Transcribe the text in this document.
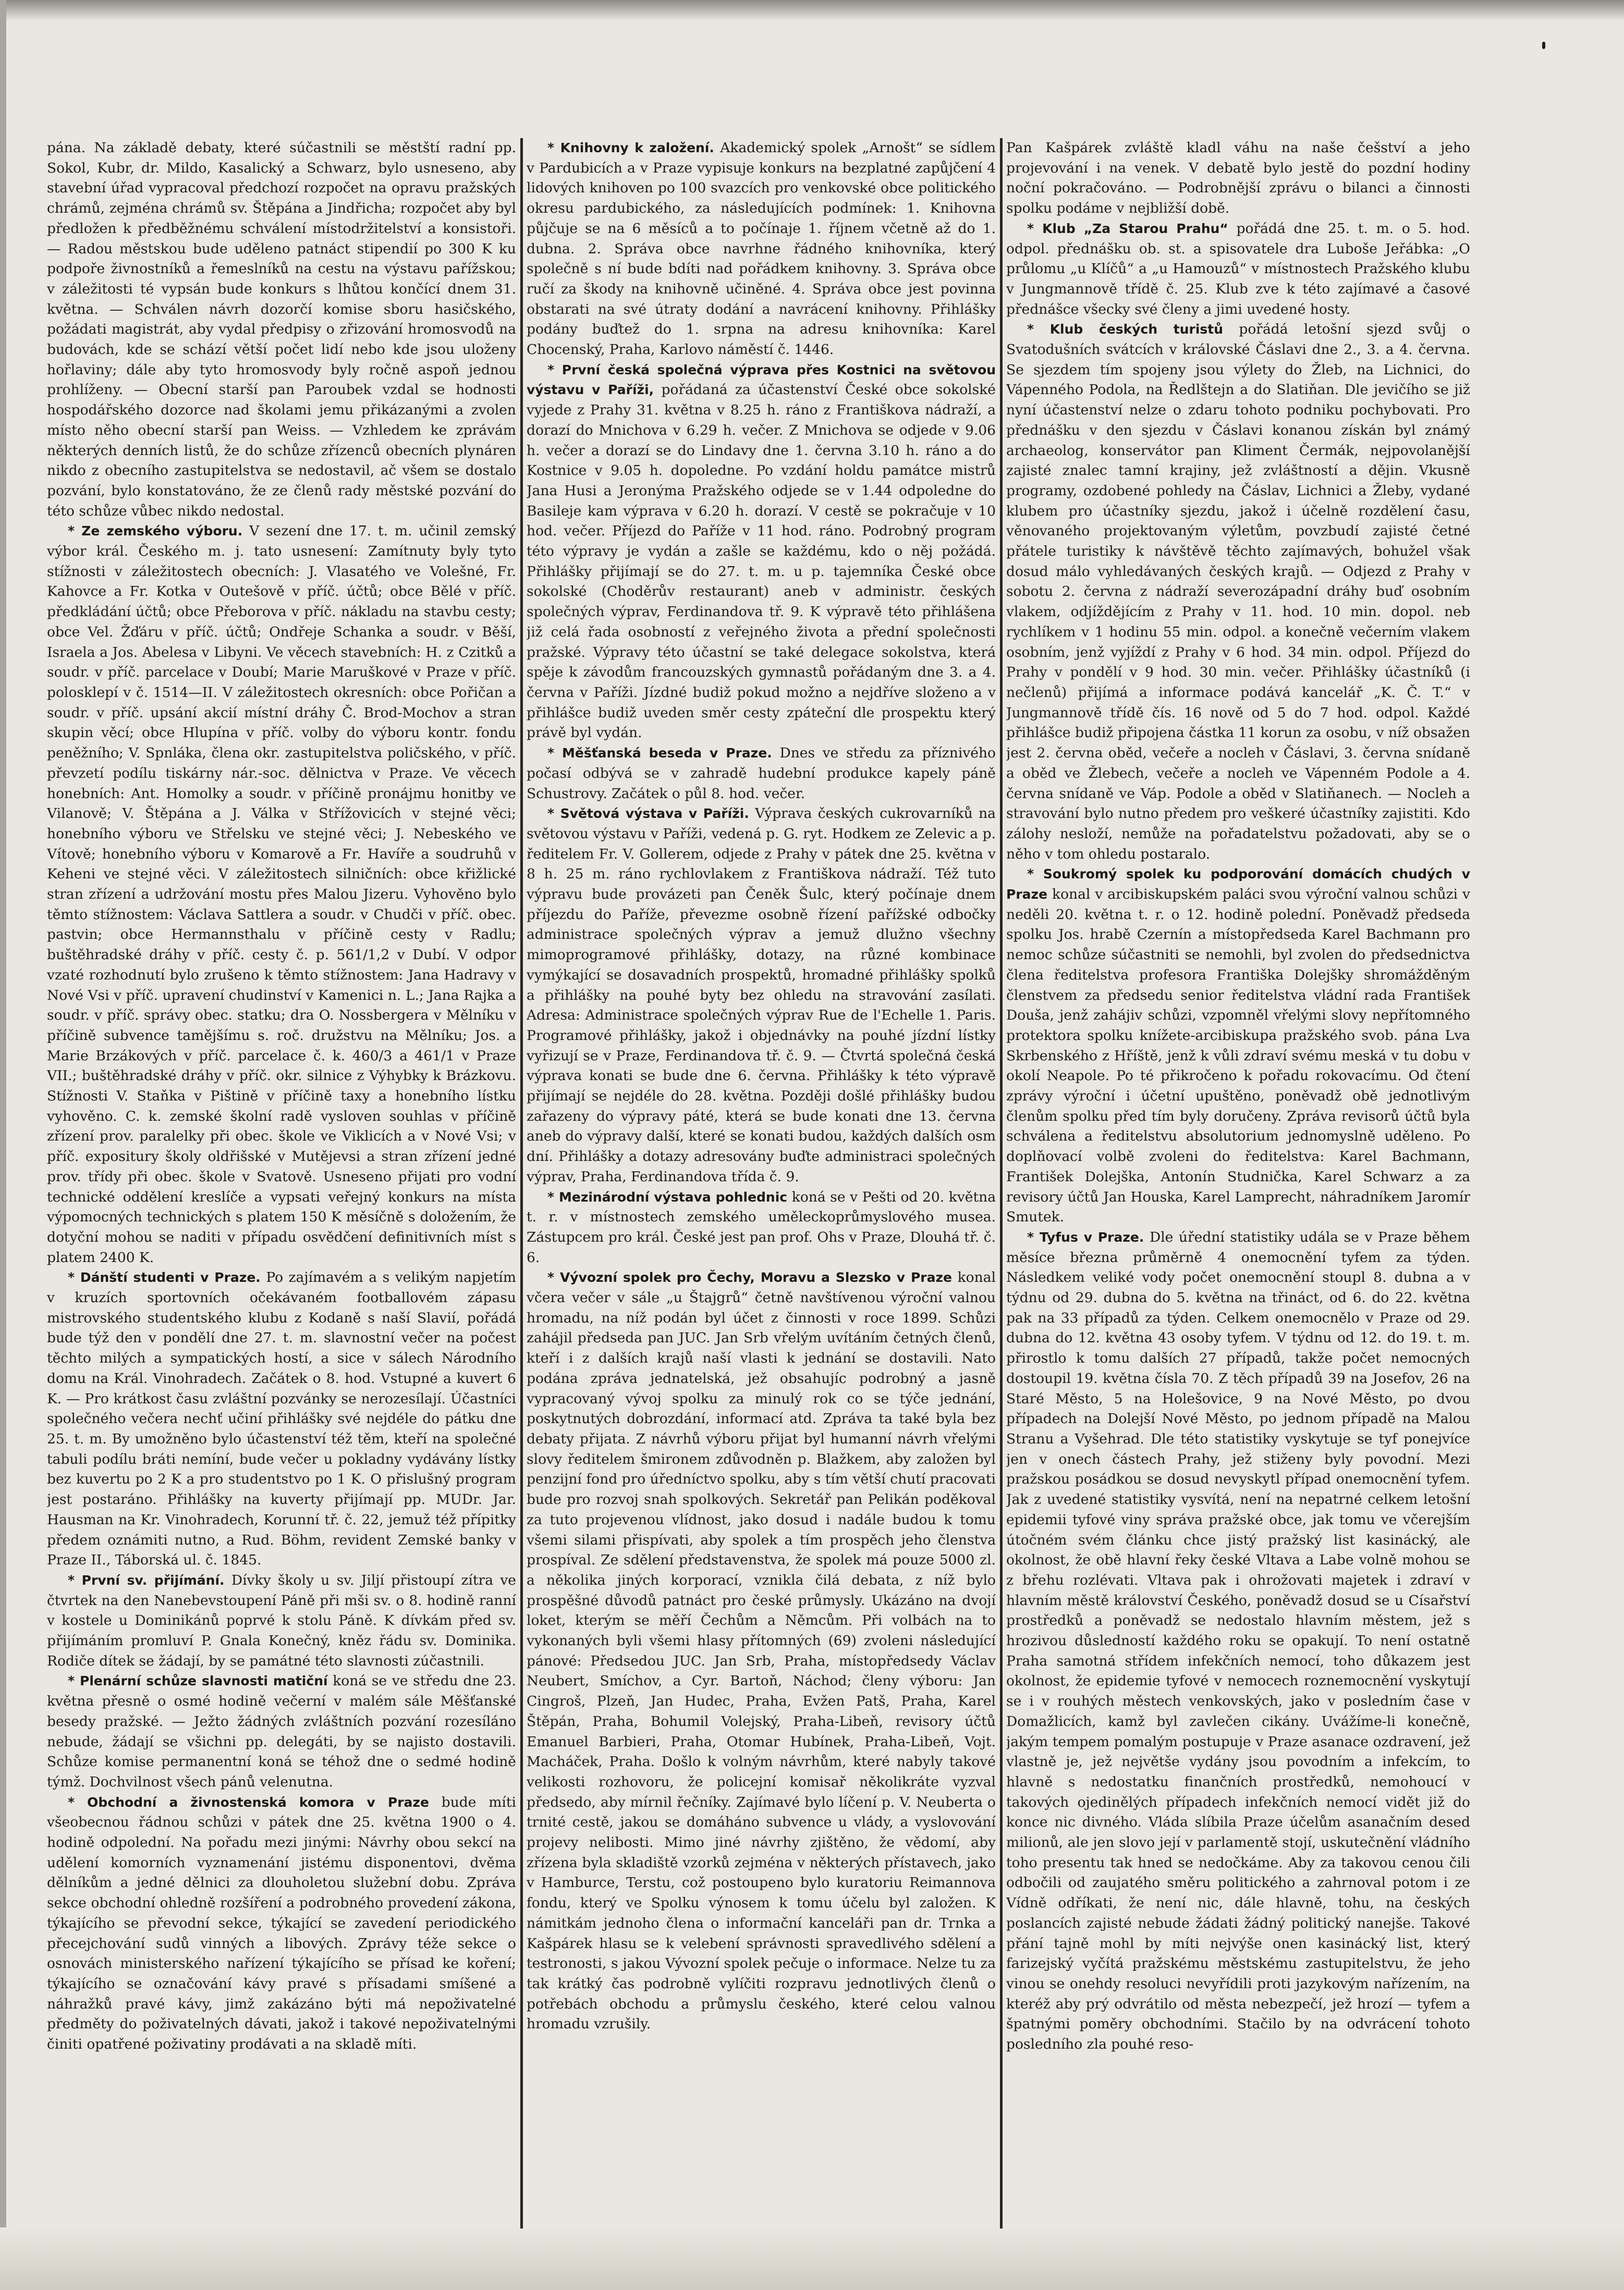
pána. Na základě debaty, které súčastnili se městští radní pp. Sokol, Kubr, dr. Mildo, Kasalický a Schwarz, bylo usneseno, aby stavební úřad vypracoval předchozí rozpočet na opravu pražských chrámů, zejména chrámů sv. Štěpána a Jindřicha; rozpočet aby byl předložen k předběžnému schválení místodržitelství a konsistoři. — Radou městskou bude uděleno patnáct stipendií po 300 K ku podpoře živnostníků a řemeslníků na cestu na výstavu pařížskou; v záležitosti té vypsán bude konkurs s lhůtou končící dnem 31. května. — Schválen návrh dozorčí komise sboru hasičského, požádati magistrát, aby vydal předpisy o zřizování hromosvodů na budovách, kde se schází větší počet lidí nebo kde jsou uloženy hořlaviny; dále aby tyto hromosvody byly ročně aspoň jednou prohlíženy. — Obecní starší pan Paroubek vzdal se hodnosti hospodářského dozorce nad školami jemu přikázanými a zvolen místo něho obecní starší pan Weiss. — Vzhledem ke zprávám některých denních listů, že do schůze zřízenců obecních plynáren nikdo z obecního zastupitelstva se nedostavil, ač všem se dostalo pozvání, bylo konstatováno, že ze členů rady městské pozvání do této schůze vůbec nikdo nedostal.

* Ze zemského výboru. V sezení dne 17. t. m. učinil zemský výbor král. Českého m. j. tato usnesení: Zamítnuty byly tyto stížnosti v záležitostech obecních: J. Vlasatého ve Volešné, Fr. Kahovce a Fr. Kotka v Outešově v příč. účtů; obce Bělé v příč. předkládání účtů; obce Přeborova v příč. nákladu na stavbu cesty; obce Vel. Žďáru v příč. účtů; Ondřeje Schanka a soudr. v Běší, Israela a Jos. Abelesa v Libyni. Ve věcech stavebních: H. z Czitků a soudr. v příč. parcelace v Doubí; Marie Maruškové v Praze v příč. polosklepí v č. 1514—II. V záležitostech okresních: obce Pořičan a soudr. v příč. upsání akcií místní dráhy Č. Brod-Mochov a stran skupin věcí; obce Hlupína v příč. volby do výboru kontr. fondu peněžního; V. Spnláka, člena okr. zastupitelstva poličského, v příč. převzetí podílu tiskárny nár.-soc. dělnictva v Praze. Ve věcech honebních: Ant. Homolky a soudr. v příčině pronájmu honitby ve Vilanově; V. Štěpána a J. Válka v Střížovicích v stejné věci; honebního výboru ve Střelsku ve stejné věci; J. Nebeského ve Vítově; honebního výboru v Komarově a Fr. Havíře a soudruhů v Keheni ve stejné věci. V záležitostech silničních: obce křižlické stran zřízení a udržování mostu přes Malou Jizeru. Vyhověno bylo těmto stížnostem: Václava Sattlera a soudr. v Chudči v příč. obec. pastvin; obce Hermannsthalu v příčině cesty v Radlu; buštěhradské dráhy v příč. cesty č. p. 561/1,2 v Dubí. V odpor vzaté rozhodnutí bylo zrušeno k těmto stížnostem: Jana Hadravy v Nové Vsi v příč. upravení chudinství v Kamenici n. L.; Jana Rajka a soudr. v příč. správy obec. statku; dra O. Nossbergera v Mělníku v příčině subvence tamějšímu s. roč. družstvu na Mělníku; Jos. a Marie Brzákových v příč. parcelace č. k. 460/3 a 461/1 v Praze VII.; buštěhradské dráhy v příč. okr. silnice z Výhybky k Brázkovu. Stížnosti V. Staňka v Pištině v příčině taxy a honebního lístku vyhověno. C. k. zemské školní radě vysloven souhlas v příčině zřízení prov. paralelky při obec. škole ve Viklicích a v Nové Vsi; v příč. expositury školy oldřišské v Mutějevsi a stran zřízení jedné prov. třídy při obec. škole v Svatově. Usneseno přijati pro vodní technické oddělení kreslíče a vypsati veřejný konkurs na místa výpomocných technických s platem 150 K měsíčně s doložením, že dotyční mohou se naditi v případu osvědčení definitivních míst s platem 2400 K.

* Dánští studenti v Praze. Po zajímavém a s velikým napjetím v kruzích sportovních očekávaném footballovém zápasu mistrovského studentského klubu z Kodaně s naší Slavií, pořádá bude týž den v pondělí dne 27. t. m. slavnostní večer na počest těchto milých a sympatických hostí, a sice v sálech Národního domu na Král. Vinohradech. Začátek o 8. hod. Vstupné a kuvert 6 K. — Pro krátkost času zvláštní pozvánky se nerozesílají. Účastníci společného večera nechť učiní přihlášky své nejdéle do pátku dne 25. t. m. By umožněno bylo účastenství též těm, kteří na společné tabuli podílu bráti nemíní, bude večer u pokladny vydávány lístky bez kuvertu po 2 K a pro studentstvo po 1 K. O přislušný program jest postaráno. Přihlášky na kuverty přijímají pp. MUDr. Jar. Hausman na Kr. Vinohradech, Korunní tř. č. 22, jemuž též přípitky předem oznámiti nutno, a Rud. Böhm, revident Zemské banky v Praze II., Táborská ul. č. 1845.

* První sv. přijímání. Dívky školy u sv. Jiljí přistoupí zítra ve čtvrtek na den Nanebevstoupení Páně při mši sv. o 8. hodině ranní v kostele u Dominikánů poprvé k stolu Páně. K dívkám před sv. přijímáním promluví P. Gnala Konečný, kněz řádu sv. Dominika. Rodiče dítek se žádají, by se památné této slavnosti zúčastnili.

* Plenární schůze slavnosti matiční koná se ve středu dne 23. května přesně o osmé hodině večerní v malém sále Měšťanské besedy pražské. — Ježto žádných zvláštních pozvání rozesíláno nebude, žádají se všichni pp. delegáti, by se najisto dostavili. Schůze komise permanentní koná se téhož dne o sedmé hodině týmž. Dochvilnost všech pánů velenutna.

* Obchodní a živnostenská komora v Praze bude míti všeobecnou řádnou schůzi v pátek dne 25. května 1900 o 4. hodině odpolední. Na pořadu mezi jinými: Návrhy obou sekcí na udělení komorních vyznamenání jistému disponentovi, dvěma dělníkům a jedné dělnici za dlouholetou služební dobu. Zpráva sekce obchodní ohledně rozšíření a podrobného provedení zákona, týkajícího se převodní sekce, týkající se zavedení periodického přecejchování sudů vinných a libových. Zprávy téže sekce o osnovách ministerského nařízení týkajícího se přísad ke koření; týkajícího se označování kávy pravé s přísadami smíšené a náhražků pravé kávy, jimž zakázáno býti má nepoživatelné předměty do poživatelných dávati, jakož i takové nepoživatelnými činiti opatřené poživatiny prodávati a na skladě míti.

* Knihovny k založení. Akademický spolek „Arnošt“ se sídlem v Pardubicích a v Praze vypisuje konkurs na bezplatné zapůjčení 4 lidových knihoven po 100 svazcích pro venkovské obce politického okresu pardubického, za následujících podmínek: 1. Knihovna půjčuje se na 6 měsíců a to počínaje 1. říjnem včetně až do 1. dubna. 2. Správa obce navrhne řádného knihovníka, který společně s ní bude bdíti nad pořádkem knihovny. 3. Správa obce ručí za škody na knihovně učiněné. 4. Správa obce jest povinna obstarati na své útraty dodání a navrácení knihovny. Přihlášky podány buďtež do 1. srpna na adresu knihovníka: Karel Chocenský, Praha, Karlovo náměstí č. 1446.

* První česká společná výprava přes Kostnici na světovou výstavu v Paříži, pořádaná za účastenství České obce sokolské vyjede z Prahy 31. května v 8.25 h. ráno z Františkova nádraží, a dorazí do Mnichova v 6.29 h. večer. Z Mnichova se odjede v 9.06 h. večer a dorazí se do Lindavy dne 1. června 3.10 h. ráno a do Kostnice v 9.05 h. dopoledne. Po vzdání holdu památce mistrů Jana Husi a Jeronýma Pražského odjede se v 1.44 odpoledne do Basileje kam výprava v 6.20 h. dorazí. V cestě se pokračuje v 10 hod. večer. Příjezd do Paříže v 11 hod. ráno. Podrobný program této výpravy je vydán a zašle se každému, kdo o něj požádá. Přihlášky přijímají se do 27. t. m. u p. tajemníka České obce sokolské (Choděrův restaurant) aneb v administr. českých společných výprav, Ferdinandova tř. 9. K výpravě této přihlášena již celá řada osobností z veřejného života a přední společnosti pražské. Výpravy této účastní se také delegace sokolstva, která spěje k závodům francouzských gymnastů pořádaným dne 3. a 4. června v Paříži. Jízdné budiž pokud možno a nejdříve složeno a v přihlášce budiž uveden směr cesty zpáteční dle prospektu který právě byl vydán.

* Měšťanská beseda v Praze. Dnes ve středu za příznivého počasí odbývá se v zahradě hudební produkce kapely páně Schustrovy. Začátek o půl 8. hod. večer.

* Světová výstava v Paříži. Výprava českých cukrovarníků na světovou výstavu v Paříži, vedená p. G. ryt. Hodkem ze Zelevic a p. ředitelem Fr. V. Gollerem, odjede z Prahy v pátek dne 25. května v 8 h. 25 m. ráno rychlovlakem z Františkova nádraží. Též tuto výpravu bude provázeti pan Čeněk Šulc, který počínaje dnem příjezdu do Paříže, převezme osobně řízení pařížské odbočky administrace společných výprav a jemuž dlužno všechny mimoprogramové přihlášky, dotazy, na různé kombinace vymýkající se dosavadních prospektů, hromadné přihlášky spolků a přihlášky na pouhé byty bez ohledu na stravování zasílati. Adresa: Administrace společných výprav Rue de l'Echelle 1. Paris. Programové přihlášky, jakož i objednávky na pouhé jízdní lístky vyřizují se v Praze, Ferdinandova tř. č. 9. — Čtvrtá společná česká výprava konati se bude dne 6. června. Přihlášky k této výpravě přijímají se nejdéle do 28. května. Později došlé přihlášky budou zařazeny do výpravy páté, která se bude konati dne 13. června aneb do výpravy další, které se konati budou, každých dalších osm dní. Přihlášky a dotazy adresovány buďte administraci společných výprav, Praha, Ferdinandova třída č. 9.

* Mezinárodní výstava pohlednic koná se v Pešti od 20. května t. r. v místnostech zemského uměleckoprůmyslového musea. Zástupcem pro král. České jest pan prof. Ohs v Praze, Dlouhá tř. č. 6.

* Vývozní spolek pro Čechy, Moravu a Slezsko v Praze konal včera večer v sále „u Štajgrů“ četně navštívenou výroční valnou hromadu, na níž podán byl účet z činnosti v roce 1899. Schůzi zahájil předseda pan JUC. Jan Srb vřelým uvítáním četných členů, kteří i z dalších krajů naší vlasti k jednání se dostavili. Nato podána zpráva jednatelská, jež obsahujíc podrobný a jasně vypracovaný vývoj spolku za minulý rok co se týče jednání, poskytnutých dobrozdání, informací atd. Zpráva ta také byla bez debaty přijata. Z návrhů výboru přijat byl humanní návrh vřelými slovy ředitelem šmironem zdůvodněn p. Blažkem, aby založen byl penzijní fond pro úředníctvo spolku, aby s tím větší chutí pracovati bude pro rozvoj snah spolkových. Sekretář pan Pelikán poděkoval za tuto projevenou vlídnost, jako dosud i nadále budou k tomu všemi silami přispívati, aby spolek a tím prospěch jeho členstva prospíval. Ze sdělení představenstva, že spolek má pouze 5000 zl. a několika jiných korporací, vznikla čilá debata, z níž bylo prospěšné důvodů patnáct pro české průmysly. Ukázáno na dvojí loket, kterým se měří Čechům a Němcům. Při volbách na to vykonaných byli všemi hlasy přítomných (69) zvoleni následující pánové: Předsedou JUC. Jan Srb, Praha, místopředsedy Václav Neubert, Smíchov, a Cyr. Bartoň, Náchod; členy výboru: Jan Cingroš, Plzeň, Jan Hudec, Praha, Evžen Patš, Praha, Karel Štěpán, Praha, Bohumil Volejský, Praha-Libeň, revisory účtů Emanuel Barbieri, Praha, Otomar Hubínek, Praha-Libeň, Vojt. Macháček, Praha. Došlo k volným návrhům, které nabyly takové velikosti rozhovoru, že policejní komisař několikráte vyzval předsedo, aby mírnil řečníky. Zajímavé bylo líčení p. V. Neuberta o trnité cestě, jakou se domáháno subvence u vlády, a vyslovování projevy nelibosti. Mimo jiné návrhy zjištěno, že vědomí, aby zřízena byla skladiště vzorků zejména v některých přístavech, jako v Hamburce, Terstu, což postoupeno bylo kuratoriu Reimannova fondu, který ve Spolku výnosem k tomu účelu byl založen. K námitkám jednoho člena o informační kanceláři pan dr. Trnka a Kašpárek hlasu se k velebení správnosti spravedlivého sdělení a testronosti, s jakou Vývozní spolek pečuje o informace. Nelze tu za tak krátký čas podrobně vylíčiti rozpravu jednotlivých členů o potřebách obchodu a průmyslu českého, které celou valnou hromadu vzrušily.

Pan Kašpárek zvláště kladl váhu na naše češství a jeho projevování i na venek. V debatě bylo jestě do pozdní hodiny noční pokračováno. — Podrobnější zprávu o bilanci a činnosti spolku podáme v nejbližší době.

* Klub „Za Starou Prahu“ pořádá dne 25. t. m. o 5. hod. odpol. přednášku ob. st. a spisovatele dra Luboše Jeřábka: „O průlomu „u Klíčů“ a „u Hamouzů“ v místnostech Pražského klubu v Jungmannově třídě č. 25. Klub zve k této zajímavé a časové přednášce všecky své členy a jimi uvedené hosty.

* Klub českých turistů pořádá letošní sjezd svůj o Svatodušních svátcích v královské Čáslavi dne 2., 3. a 4. června. Se sjezdem tím spojeny jsou výlety do Žleb, na Lichnici, do Vápenného Podola, na Ředlštejn a do Slatiňan. Dle jevičího se již nyní účastenství nelze o zdaru tohoto podniku pochybovati. Pro přednášku v den sjezdu v Čáslavi konanou získán byl známý archaeolog, konservátor pan Kliment Čermák, nejpovolanější zajisté znalec tamní krajiny, jež zvláštností a dějin. Vkusně programy, ozdobené pohledy na Čáslav, Lichnici a Žleby, vydané klubem pro účastníky sjezdu, jakož i účelně rozdělení času, věnovaného projektovaným výletům, povzbudí zajisté četné přátele turistiky k návštěvě těchto zajímavých, bohužel však dosud málo vyhledávaných českých krajů. — Odjezd z Prahy v sobotu 2. června z nádraží severozápadní dráhy buď osobním vlakem, odjíždějícím z Prahy v 11. hod. 10 min. dopol. neb rychlíkem v 1 hodinu 55 min. odpol. a konečně večerním vlakem osobním, jenž vyjíždí z Prahy v 6 hod. 34 min. odpol. Příjezd do Prahy v pondělí v 9 hod. 30 min. večer. Přihlášky účastníků (i nečlenů) přijímá a informace podává kancelář „K. Č. T.“ v Jungmannově třídě čís. 16 nově od 5 do 7 hod. odpol. Každé přihlášce budiž připojena částka 11 korun za osobu, v níž obsažen jest 2. června oběd, večeře a nocleh v Čáslavi, 3. června snídaně a oběd ve Žlebech, večeře a nocleh ve Vápenném Podole a 4. června snídaně ve Váp. Podole a oběd v Slatiňanech. — Nocleh a stravování bylo nutno předem pro veškeré účastníky zajistiti. Kdo zálohy nesloží, nemůže na pořadatelstvu požadovati, aby se o něho v tom ohledu postaralo.

* Soukromý spolek ku podporování domácích chudých v Praze konal v arcibiskupském paláci svou výroční valnou schůzi v neděli 20. května t. r. o 12. hodině polední. Poněvadž předseda spolku Jos. hrabě Czernín a místopředseda Karel Bachmann pro nemoc schůze súčastniti se nemohli, byl zvolen do předsednictva člena ředitelstva profesora Františka Dolejšky shromážděným členstvem za předsedu senior ředitelstva vládní rada František Douša, jenž zahájiv schůzi, vzpomněl vřelými slovy nepřítomného protektora spolku knížete-arcibiskupa pražského svob. pána Lva Skrbenského z Hříště, jenž k vůli zdraví svému meská v tu dobu v okolí Neapole. Po té přikročeno k pořadu rokovacímu. Od čtení zprávy výroční i účetní upuštěno, poněvadž obě jednotlivým členům spolku před tím byly doručeny. Zpráva revisorů účtů byla schválena a ředitelstvu absolutorium jednomyslně uděleno. Po doplňovací volbě zvoleni do ředitelstva: Karel Bachmann, František Dolejška, Antonín Studnička, Karel Schwarz a za revisory účtů Jan Houska, Karel Lamprecht, náhradníkem Jaromír Smutek.

* Tyfus v Praze. Dle úřední statistiky udála se v Praze během měsíce března průměrně 4 onemocnění tyfem za týden. Následkem veliké vody počet onemocnění stoupl 8. dubna a v týdnu od 29. dubna do 5. května na třináct, od 6. do 22. května pak na 33 případů za týden. Celkem onemocnělo v Praze od 29. dubna do 12. května 43 osoby tyfem. V týdnu od 12. do 19. t. m. přirostlo k tomu dalších 27 případů, takže počet nemocných dostoupil 19. května čísla 70. Z těch případů 39 na Josefov, 26 na Staré Město, 5 na Holešovice, 9 na Nové Město, po dvou případech na Dolejší Nové Město, po jednom případě na Malou Stranu a Vyšehrad. Dle této statistiky vyskytuje se tyf ponejvíce jen v onech částech Prahy, jež stiženy byly povodní. Mezi pražskou posádkou se dosud nevyskytl případ onemocnění tyfem. Jak z uvedené statistiky vysvítá, není na nepatrné celkem letošní epidemii tyfové viny správa pražské obce, jak tomu ve včerejším útočném svém článku chce jistý pražský list kasinácký, ale okolnost, že obě hlavní řeky české Vltava a Labe volně mohou se z břehu rozlévati. Vltava pak i ohrožovati majetek i zdraví v hlavním městě království Českého, poněvadž dosud se u Císařství prostředků a poněvadž se nedostalo hlavním městem, jež s hrozivou důsledností každého roku se opakují. To není ostatně Praha samotná střídem infekčních nemocí, toho důkazem jest okolnost, že epidemie tyfové v nemocech roznemocnění vyskytují se i v rouhých městech venkovských, jako v posledním čase v Domažlicích, kamž byl zavlečen cikány. Uvážíme-li konečně, jakým tempem pomalým postupuje v Praze asanace ozdravení, jež vlastně je, jež největše vydány jsou povodním a infekcím, to hlavně s nedostatku finančních prostředků, nemohoucí v takových ojedinělých případech infekčních nemocí vidět již do konce nic divného. Vláda slíbila Praze účelům asanačním desed milionů, ale jen slovo její v parlamentě stojí, uskutečnění vládního toho presentu tak hned se nedočkáme. Aby za takovou cenou čili odbočili od zaujatého směru politického a zahrnoval potom i ze Vídně odříkati, že není nic, dále hlavně, tohu, na českých poslancích zajisté nebude žádati žádný politický nanejše. Takové přání tajně mohl by míti nejvýše onen kasinácký list, který farizejský vyčítá pražskému městskému zastupitelstvu, že jeho vinou se onehdy resoluci nevyřídili proti jazykovým nařízením, na kteréž aby prý odvrátilo od města nebezpečí, jež hrozí — tyfem a špatnými poměry obchodními. Stačilo by na odvrácení tohoto posledního zla pouhé reso-
